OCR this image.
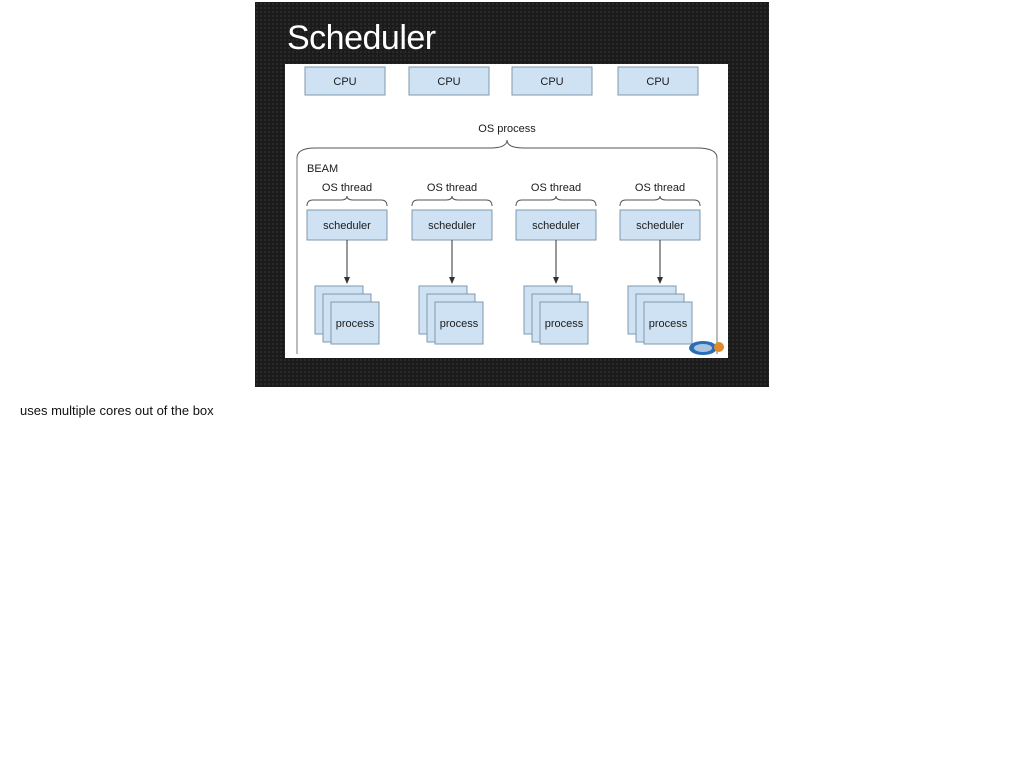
Scheduler
CPU	CPU	CPU	CPU
OS process
BEAM
OS thread
scheduler
process
OS thread
scheduler
process
OS thread
scheduler
process
OS thread
scheduler
process
uses multiple cores out of the box
